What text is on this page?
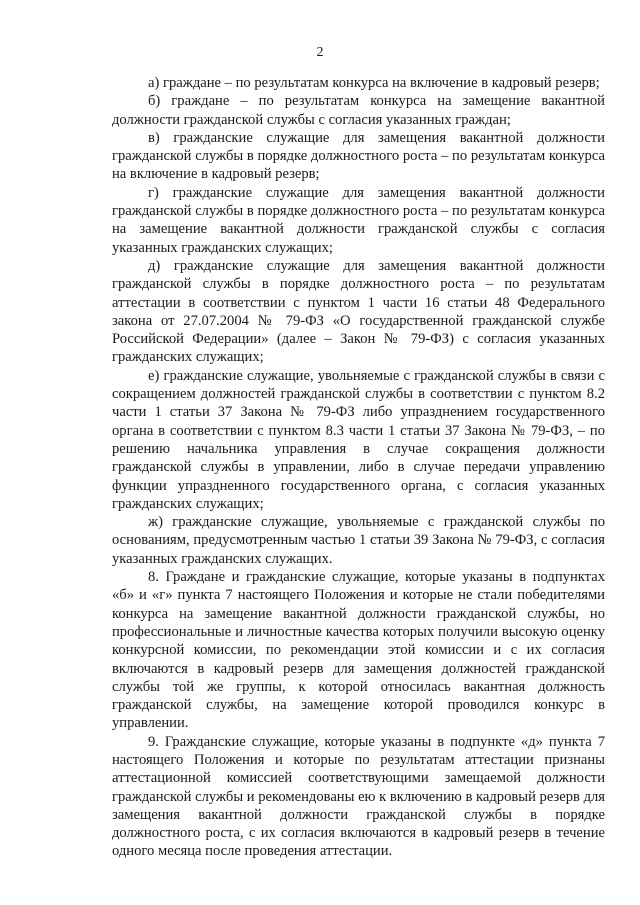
2

а) граждане – по результатам конкурса на включение в кадровый резерв;

б) граждане – по результатам конкурса на замещение вакантной должности гражданской службы с согласия указанных граждан;

в) гражданские служащие для замещения вакантной должности гражданской службы в порядке должностного роста – по результатам конкурса на включение в кадровый резерв;

г) гражданские служащие для замещения вакантной должности гражданской службы в порядке должностного роста – по результатам конкурса на замещение вакантной должности гражданской службы с согласия указанных гражданских служащих;

д) гражданские служащие для замещения вакантной должности гражданской службы в порядке должностного роста – по результатам аттестации в соответствии с пунктом 1 части 16 статьи 48 Федерального закона от 27.07.2004 № 79-ФЗ «О государственной гражданской службе Российской Федерации» (далее – Закон № 79-ФЗ) с согласия указанных гражданских служащих;

е) гражданские служащие, увольняемые с гражданской службы в связи с сокращением должностей гражданской службы в соответствии с пунктом 8.2 части 1 статьи 37 Закона № 79-ФЗ либо упразднением государственного органа в соответствии с пунктом 8.3 части 1 статьи 37 Закона № 79-ФЗ, – по решению начальника управления в случае сокращения должности гражданской службы в управлении, либо в случае передачи управлению функции упраздненного государственного органа, с согласия указанных гражданских служащих;

ж) гражданские служащие, увольняемые с гражданской службы по основаниям, предусмотренным частью 1 статьи 39 Закона № 79-ФЗ, с согласия указанных гражданских служащих.

8. Граждане и гражданские служащие, которые указаны в подпунктах «б» и «г» пункта 7 настоящего Положения и которые не стали победителями конкурса на замещение вакантной должности гражданской службы, но профессиональные и личностные качества которых получили высокую оценку конкурсной комиссии, по рекомендации этой комиссии и с их согласия включаются в кадровый резерв для замещения должностей гражданской службы той же группы, к которой относилась вакантная должность гражданской службы, на замещение которой проводился конкурс в управлении.

9. Гражданские служащие, которые указаны в подпункте «д» пункта 7 настоящего Положения и которые по результатам аттестации признаны аттестационной комиссией соответствующими замещаемой должности гражданской службы и рекомендованы ею к включению в кадровый резерв для замещения вакантной должности гражданской службы в порядке должностного роста, с их согласия включаются в кадровый резерв в течение одного месяца после проведения аттестации.
